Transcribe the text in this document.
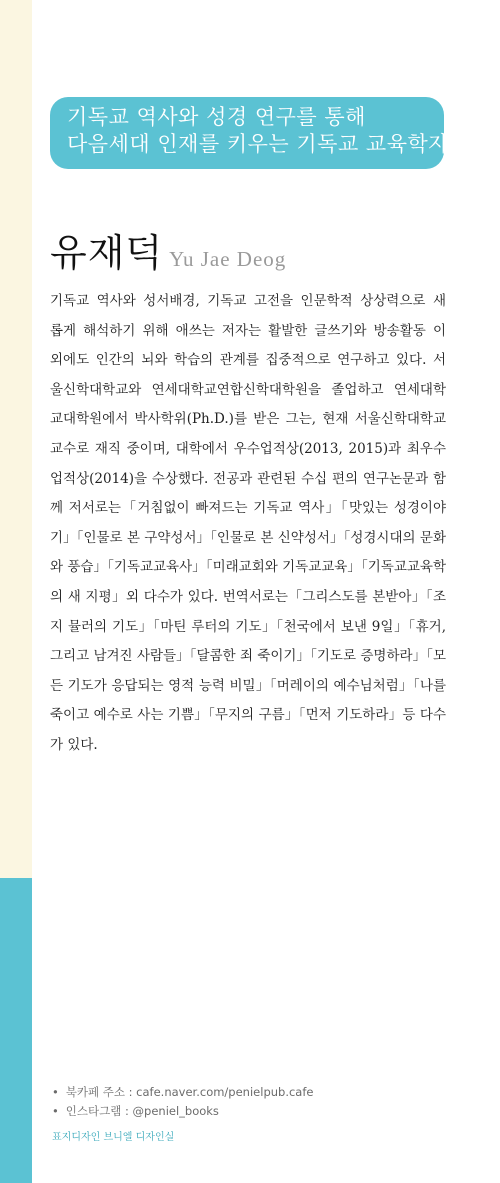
기독교 역사와 성경 연구를 통해
다음세대 인재를 키우는 기독교 교육학자
유재덕 Yu Jae Deog
기독교 역사와 성서배경, 기독교 고전을 인문학적 상상력으로 새
롭게 해석하기 위해 애쓰는 저자는 활발한 글쓰기와 방송활동 이
외에도 인간의 뇌와 학습의 관계를 집중적으로 연구하고 있다. 서
울신학대학교와 연세대학교연합신학대학원을 졸업하고 연세대학
교대학원에서 박사학위(Ph.D.)를 받은 그는, 현재 서울신학대학교
교수로 재직 중이며, 대학에서 우수업적상(2013, 2015)과 최우수
업적상(2014)을 수상했다. 전공과 관련된 수십 편의 연구논문과 함
께 저서로는「거침없이 빠져드는 기독교 역사」「맛있는 성경이야
기」「인물로 본 구약성서」「인물로 본 신약성서」「성경시대의 문화
와 풍습」「기독교교육사」「미래교회와 기독교교육」「기독교교육학
의 새 지평」외 다수가 있다. 번역서로는「그리스도를 본받아」「조
지 뮬러의 기도」「마틴 루터의 기도」「천국에서 보낸 9일」「휴거,
그리고 남겨진 사람들」「달콤한 죄 죽이기」「기도로 증명하라」「모
든 기도가 응답되는 영적 능력 비밀」「머레이의 예수님처럼」「나를
죽이고 예수로 사는 기쁨」「무지의 구름」「먼저 기도하라」등 다수
가 있다.
• 북카페 주소 : cafe.naver.com/penielpub.cafe
• 인스타그램 : @peniel_books
표지디자인 브니엘 디자인실
